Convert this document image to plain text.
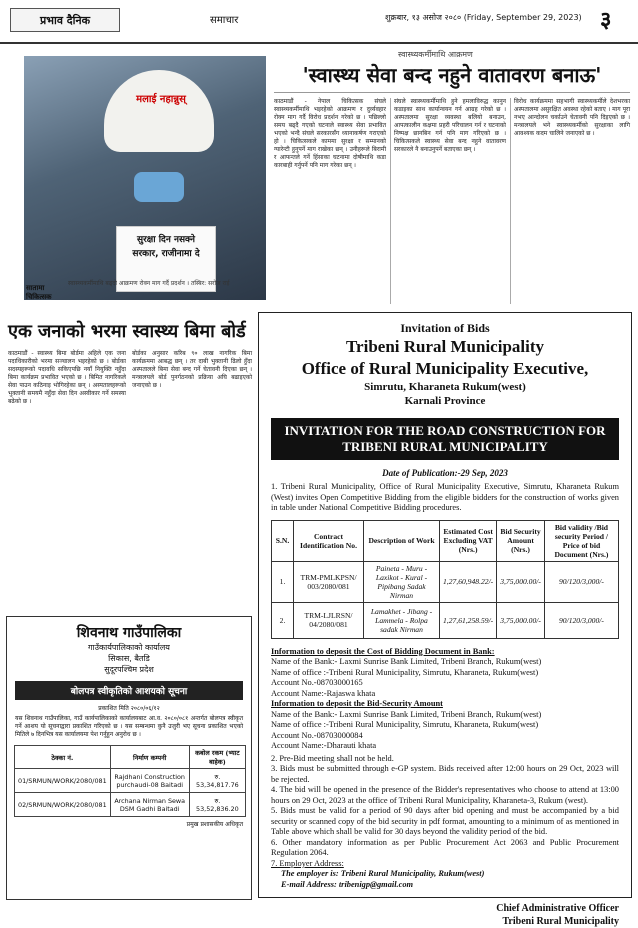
प्रभाव दैनिक	समाचार	शुक्रबार, १३ असोज २०८० (Friday, September 29, 2023) ३
मलाई नहान्नुस्
सुरक्षा दिन नसक्ने सरकार, राजीनामा दे
सातामा चिकित्सक
स्वास्थ्यकर्मीमाथि बढ्दो आक्रमण रोक्न माग गर्दै प्रदर्शन । तस्बिर: सरोज राई
स्वास्थ्यकर्मीमाथि आक्रमण
'स्वास्थ्य सेवा बन्द नहुने वातावरण बनाऊ'
काठमाडौं - नेपाल चिकित्सक संघले स्वास्थ्यकर्मीमाथि भइरहेको आक्रमण र दुर्व्यवहार रोक्न माग गर्दै विरोध प्रदर्शन गरेको छ । पछिल्लो समय बढ्दै गएको घटनाले स्वास्थ्य सेवा प्रभावित भएको भन्दै संघले सरकारसँग ध्यानाकर्षण गराएको हो । चिकित्सकले काममा सुरक्षा र सम्मानको ग्यारेन्टी हुनुपर्ने माग राखेका छन् । उनीहरूले बिरामी र आफन्तले गर्ने हिंसाका घटनामा दोषीमाथि कडा कारबाही गर्नुपर्ने पनि माग गरेका छन् ।
संघले स्वास्थ्यकर्मीमाथि हुने हमलाविरुद्ध कानुन कडाइका साथ कार्यान्वयन गर्न आग्रह गरेको छ । अस्पतालमा सुरक्षा व्यवस्था बलियो बनाउन, आपत्कालीन कक्षमा प्रहरी परिचालन गर्न र घटनाको निष्पक्ष छानबिन गर्न पनि माग गरिएको छ । चिकित्सकले स्वास्थ्य सेवा बन्द नहुने वातावरण सरकारले नै बनाउनुपर्ने बताएका छन् ।
विरोध कार्यक्रममा सहभागी स्वास्थ्यकर्मीले देशभरका अस्पतालमा असुरक्षित अवस्था रहेको बताए । माग पूरा नभए आन्दोलन चर्काउने चेतावनी पनि दिइएको छ । मन्त्रालयले भने स्वास्थ्यकर्मीको सुरक्षाका लागि आवश्यक कदम चालिने जनाएको छ ।
एक जनाको भरमा स्वास्थ्य बिमा बोर्ड
काठमाडौं - स्वास्थ्य बिमा बोर्डमा अहिले एक जना पदाधिकारीको भरमा सञ्चालन भइरहेको छ । बोर्डका सदस्यहरूको पदावधि सकिएपछि नयाँ नियुक्ति नहुँदा बिमा कार्यक्रम प्रभावित भएको छ । बिमित नागरिकले सेवा पाउन कठिनाइ भोगिरहेका छन् । अस्पतालहरूको भुक्तानी समयमै नहुँदा सेवा दिन अस्वीकार गर्ने समस्या बढेको छ ।
बोर्डका अनुसार करिब ९० लाख नागरिक बिमा कार्यक्रममा आबद्ध छन् । तर दाबी भुक्तानी ढिलो हुँदा अस्पतालले बिमा सेवा बन्द गर्ने चेतावनी दिएका छन् । मन्त्रालयले बोर्ड पुनर्गठनको प्रक्रिया अघि बढाइएको जनाएको छ ।
शिवनाथ गाउँपालिका
गाउँकार्यपालिकाको कार्यालय
सिकास, बैतडि
सुदूरपश्चिम प्रदेश
बोलपत्र स्वीकृतिको आशयको सूचना
प्रकाशित मिति २०८०/०६/१२
यस शिवनाथ गाउँपालिका, गाउँ कार्यपालिकाको कार्यालयबाट आ.व. २०८०/०८१ अन्तर्गत बोलपत्र स्वीकृत गर्ने आशय यो सूचनाद्वारा प्रकाशित गरिएको छ । यस सम्बन्धमा कुनै उजुरी भए सूचना प्रकाशित भएको मितिले ७ दिनभित्र यस कार्यालयमा पेश गर्नुहुन अनुरोध छ ।
ठेक्का नं.	निर्माण कम्पनी	कबोल रकम (भ्याट बाहेक)
01/SRMUN/WORK/2080/081	Rajdhani Construction purchaudi-08 Baitadi	रु. 53,34,817.76
02/SRMUN/WORK/2080/081	Archana Nirman Sewa DSM Gadhi Baitadi	रु. 53,52,836.20
प्रमुख प्रशासकीय अधिकृत
Invitation of Bids
Tribeni Rural Municipality
Office of Rural Municipality Executive,
Simrutu, Kharaneta Rukum(west)
Karnali Province
INVITATION FOR THE ROAD CONSTRUCTION FOR TRIBENI RURAL MUNICIPALITY
Date of Publication:-29 Sep, 2023

1. Tribeni Rural Municipality, Office of Rural Municipality Executive, Simrutu, Kharaneta Rukum (West) invites Open Competitive Bidding from the eligible bidders for the construction of works given in table under National Competitive Bidding procedures.

S.N.	Contract Identification No.	Description of Work	Estimated Cost Excluding VAT (Nrs.)	Bid Security Amount (Nrs.)	Bid validity /Bid security Period / Price of bid Document (Nrs.)
1.	TRM-PMLKPSN/ 003/2080/081	Paineta - Muru - Laxikot - Kural -Pipibang Sadak Nirman	1,27,60,948.22/-	3,75,000.00/-	90/120/3,000/-
2.	TRM-LJLRSN/ 04/2080/081	Lamakhet - Jibang -Lammela - Rolpa sadak Nirman	1,27,61,258.59/-	3,75,000.00/-	90/120/3,000/-

Information to deposit the Cost of Bidding Document in Bank:

Name of the Bank:- Laxmi Sunrise Bank Limited, Tribeni Branch, Rukum(west)

Name of office :-Tribeni Rural Municipality, Simrutu, Kharaneta, Rukum(west)

Account No.-08703000165

Account Name:-Rajaswa khata

Information to deposit the Bid-Security Amount

Name of the Bank:- Laxmi Sunrise Bank Limited, Tribeni Branch, Rukum(west)

Name of office :-Tribeni Rural Municipality, Simrutu, Kharaneta, Rukum(west)

Account No.-08703000084

Account Name:-Dharauti khata

2. Pre-Bid meeting shall not be held.

3. Bids must be submitted through e-GP system. Bids received after 12:00 hours on 29 Oct, 2023 will be rejected.

4. The bid will be opened in the presence of the Bidder's representatives who choose to attend at 13:00 hours on 29 Oct, 2023 at the office of Tribeni Rural Municipality, Kharaneta-3, Rukum (west).

5. Bids must be valid for a period of 90 days after bid opening and must be accompanied by a bid security or scanned copy of the bid security in pdf format, amounting to a minimum of as mentioned in Table above which shall be valid for 30 days beyond the validity period of the bid.

6. Other mandatory information as per Public Procurement Act 2063 and Public Procurement Regulation 2064.

7. Employer Address:

The employer is: Tribeni Rural Municipality, Rukum(west)

E-mail Address: tribenigp@gmail.com

Chief Administrative Officer
Tribeni Rural Municipality
